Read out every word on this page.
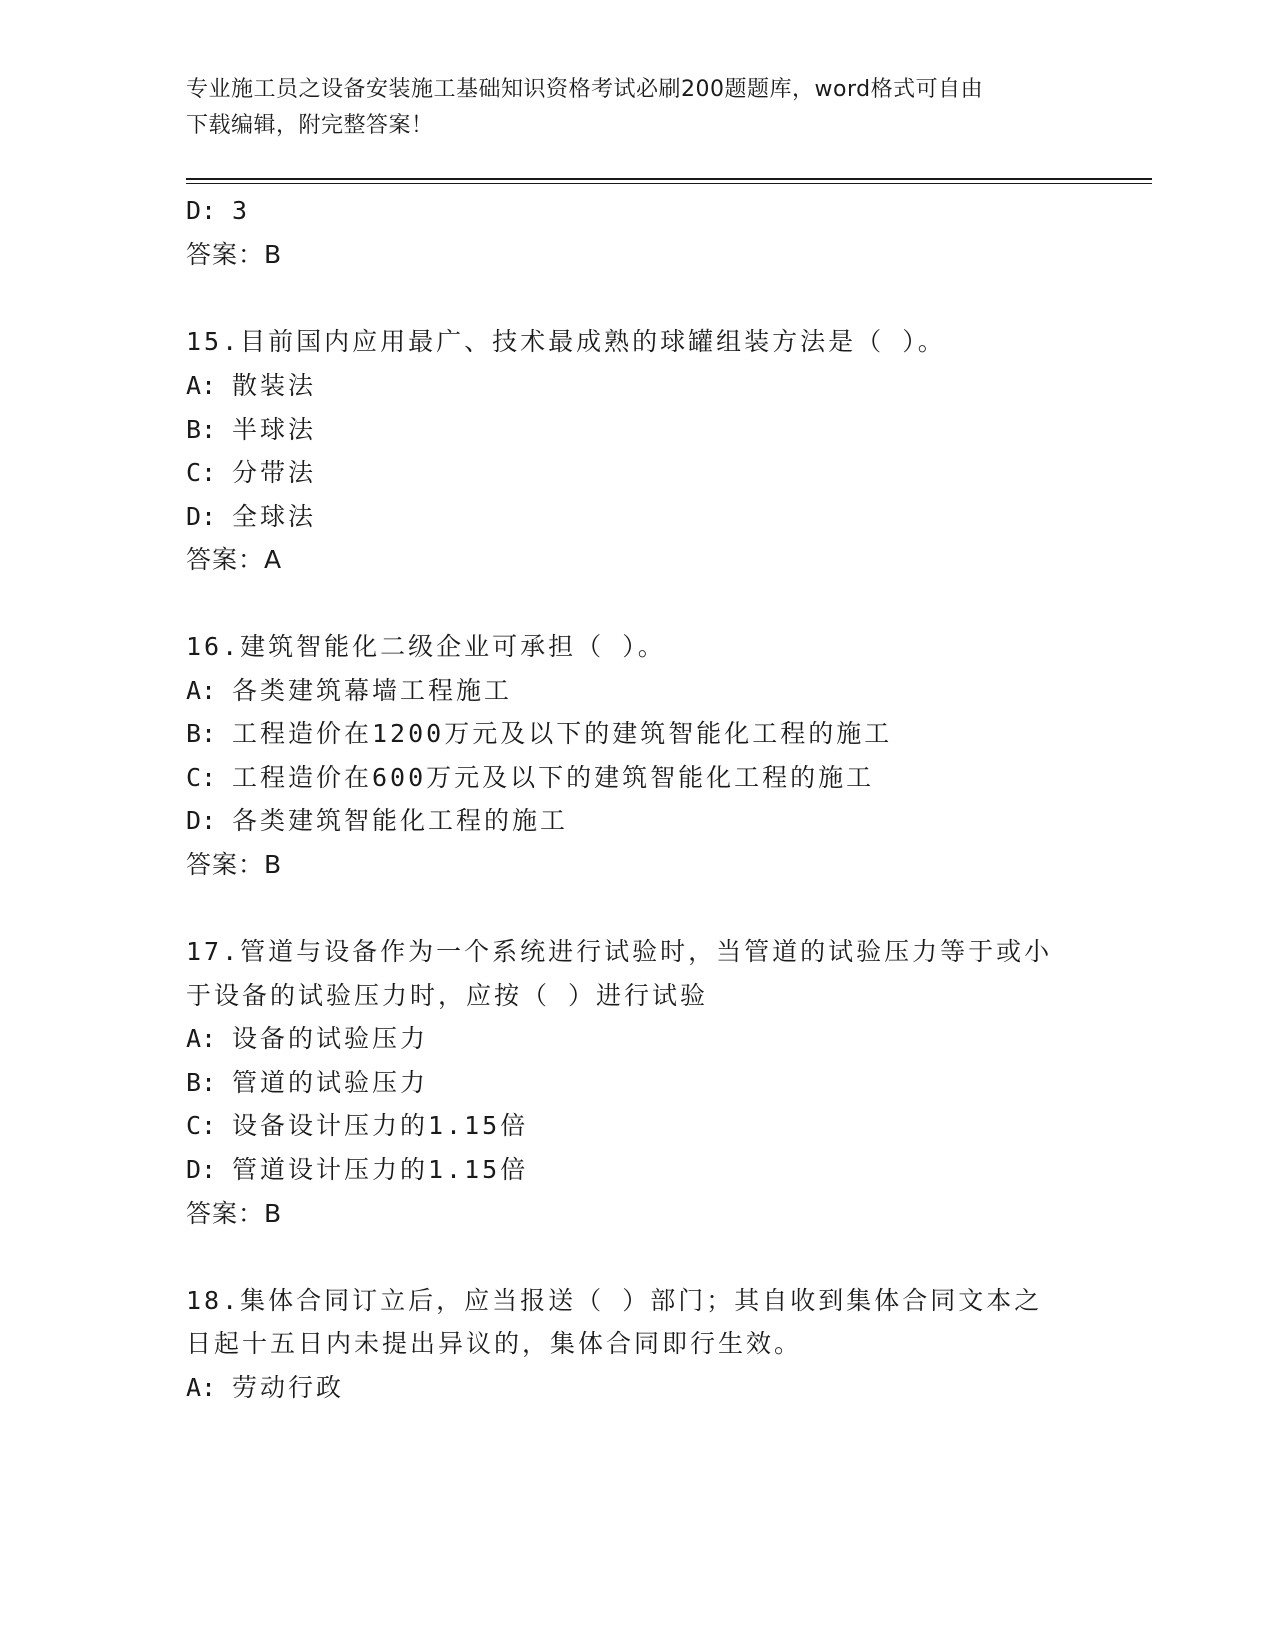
专业施工员之设备安装施工基础知识资格考试必刷200题题库，word格式可自由
下载编辑，附完整答案！
D: 3
答案：B
15.目前国内应用最广、技术最成熟的球罐组装方法是（ ）。
A: 散装法
B: 半球法
C: 分带法
D: 全球法
答案：A
16.建筑智能化二级企业可承担（ ）。
A: 各类建筑幕墙工程施工
B: 工程造价在1200万元及以下的建筑智能化工程的施工
C: 工程造价在600万元及以下的建筑智能化工程的施工
D: 各类建筑智能化工程的施工
答案：B
17.管道与设备作为一个系统进行试验时，当管道的试验压力等于或小
于设备的试验压力时，应按（ ）进行试验
A: 设备的试验压力
B: 管道的试验压力
C: 设备设计压力的1.15倍
D: 管道设计压力的1.15倍
答案：B
18.集体合同订立后，应当报送（ ）部门；其自收到集体合同文本之
日起十五日内未提出异议的，集体合同即行生效。
A: 劳动行政
